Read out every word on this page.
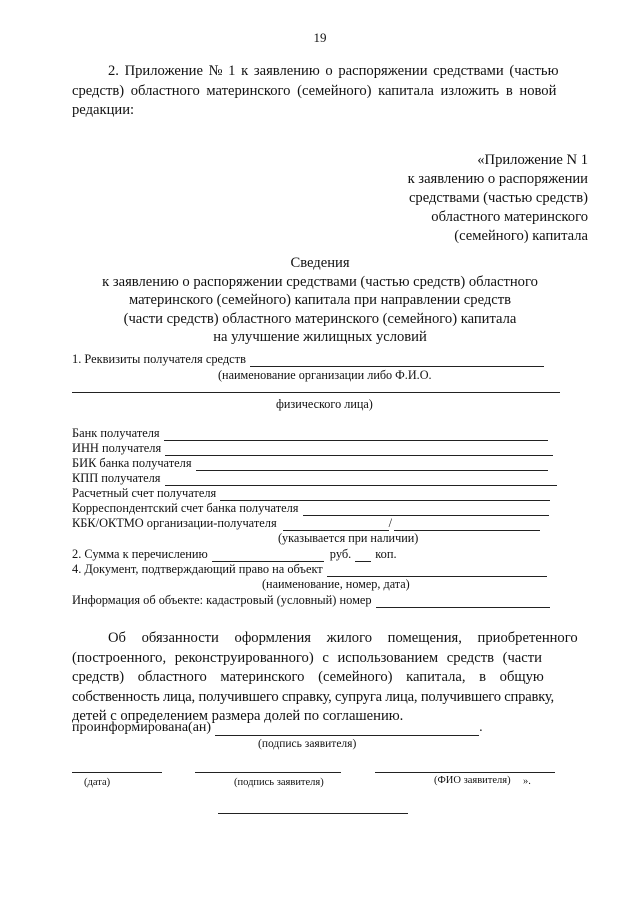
19
2. Приложение № 1 к заявлению о распоряжении средствами (частью
средств) областного материнского (семейного) капитала изложить в новой
редакции:
«Приложение N 1
к заявлению о распоряжении
средствами (частью средств)
областного материнского
(семейного) капитала
Сведения
к заявлению о распоряжении средствами (частью средств) областного
материнского (семейного) капитала при направлении средств
(части средств) областного материнского (семейного) капитала
на улучшение жилищных условий
1. Реквизиты получателя средств
(наименование организации либо Ф.И.О.
физического лица)
Банк получателя
ИНН получателя
БИК банка получателя
КПП получателя
Расчетный счет получателя
Корреспондентский счет банка получателя
КБК/ОКТМО организации-получателя	/
(указывается при наличии)
2. Сумма к перечислению	руб. коп.
4. Документ, подтверждающий право на объект
(наименование, номер, дата)
Информация об объекте: кадастровый (условный) номер
Об обязанности оформления жилого помещения, приобретенного
(построенного, реконструированного) с использованием средств (части
средств) областного материнского (семейного) капитала, в общую
собственность лица, получившего справку, супруга лица, получившего справку,
детей с определением размера долей по соглашению.
проинформирована(ан)	.
(подпись заявителя)
(дата)	(подпись заявителя)	(ФИО заявителя) ».
